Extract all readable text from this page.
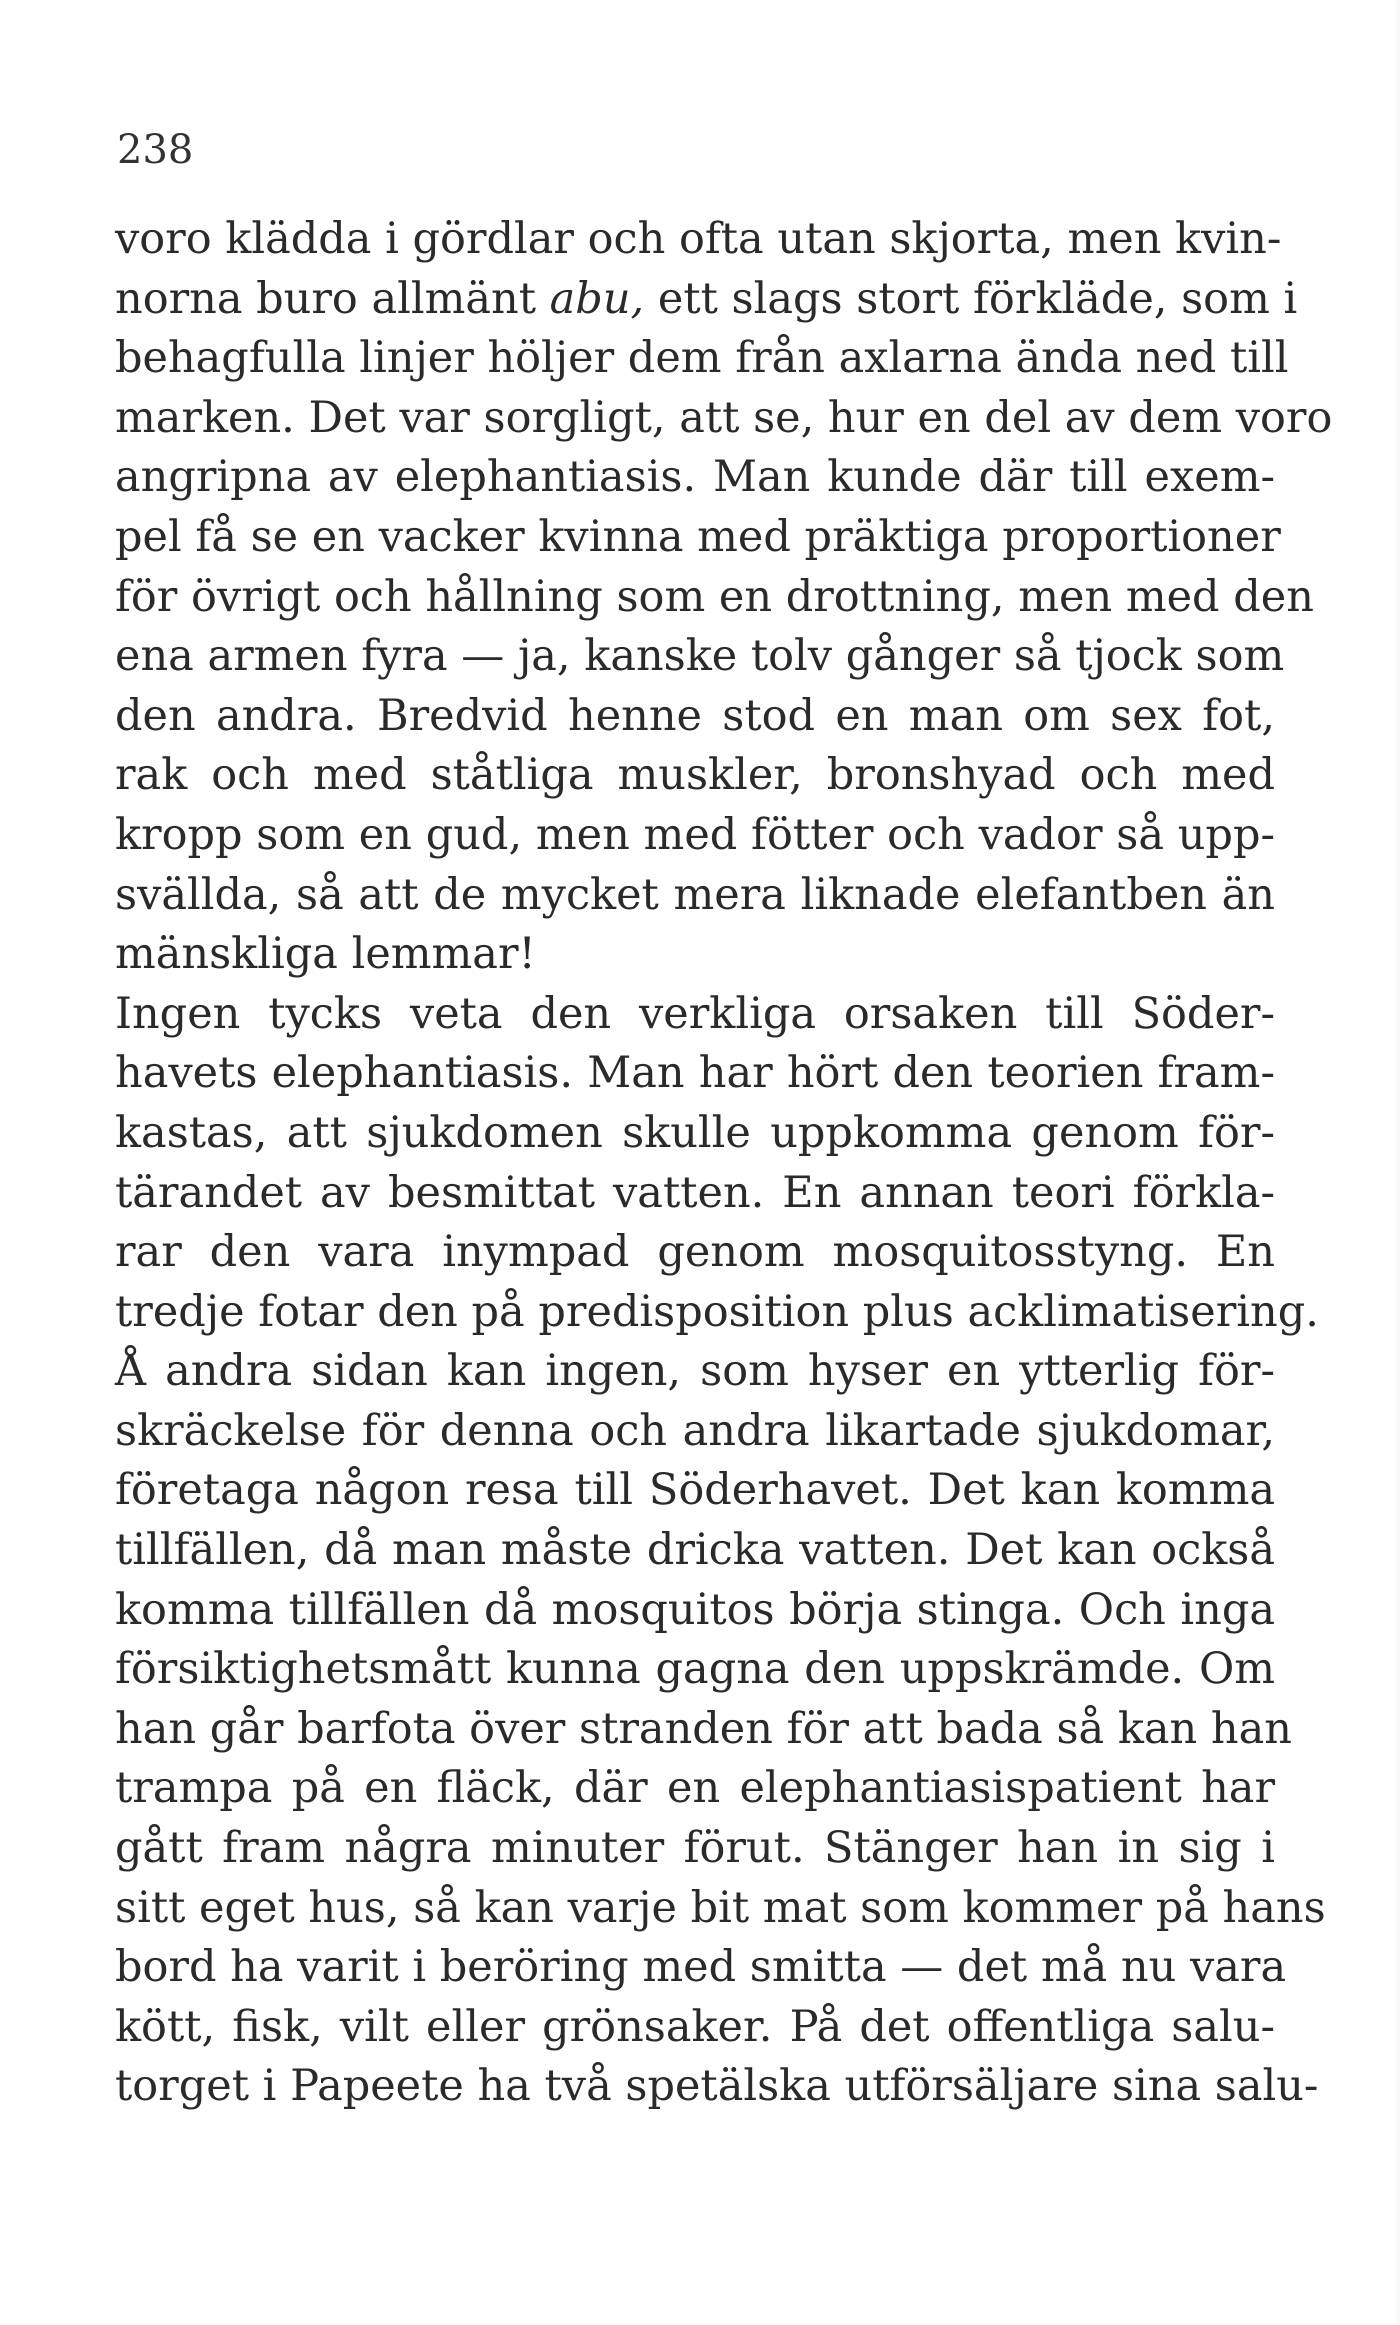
238
voro klädda i gördlar och ofta utan skjorta, men kvin-
norna buro allmänt abu, ett slags stort förkläde, som i
behagfulla linjer höljer dem från axlarna ända ned till
marken. Det var sorgligt, att se, hur en del av dem voro
angripna av elephantiasis. Man kunde där till exem-
pel få se en vacker kvinna med präktiga proportioner
för övrigt och hållning som en drottning, men med den
ena armen fyra — ja, kanske tolv gånger så tjock som
den andra. Bredvid henne stod en man om sex fot,
rak och med ståtliga muskler, bronshyad och med
kropp som en gud, men med fötter och vador så upp-
svällda, så att de mycket mera liknade elefantben än
mänskliga lemmar!
Ingen tycks veta den verkliga orsaken till Söder-
havets elephantiasis. Man har hört den teorien fram-
kastas, att sjukdomen skulle uppkomma genom för-
tärandet av besmittat vatten. En annan teori förkla-
rar den vara inympad genom mosquitosstyng. En
tredje fotar den på predisposition plus acklimatisering.
Å andra sidan kan ingen, som hyser en ytterlig för-
skräckelse för denna och andra likartade sjukdomar,
företaga någon resa till Söderhavet. Det kan komma
tillfällen, då man måste dricka vatten. Det kan också
komma tillfällen då mosquitos börja stinga. Och inga
försiktighetsmått kunna gagna den uppskrämde. Om
han går barfota över stranden för att bada så kan han
trampa på en fläck, där en elephantiasispatient har
gått fram några minuter förut. Stänger han in sig i
sitt eget hus, så kan varje bit mat som kommer på hans
bord ha varit i beröring med smitta — det må nu vara
kött, fisk, vilt eller grönsaker. På det offentliga salu-
torget i Papeete ha två spetälska utförsäljare sina salu-
